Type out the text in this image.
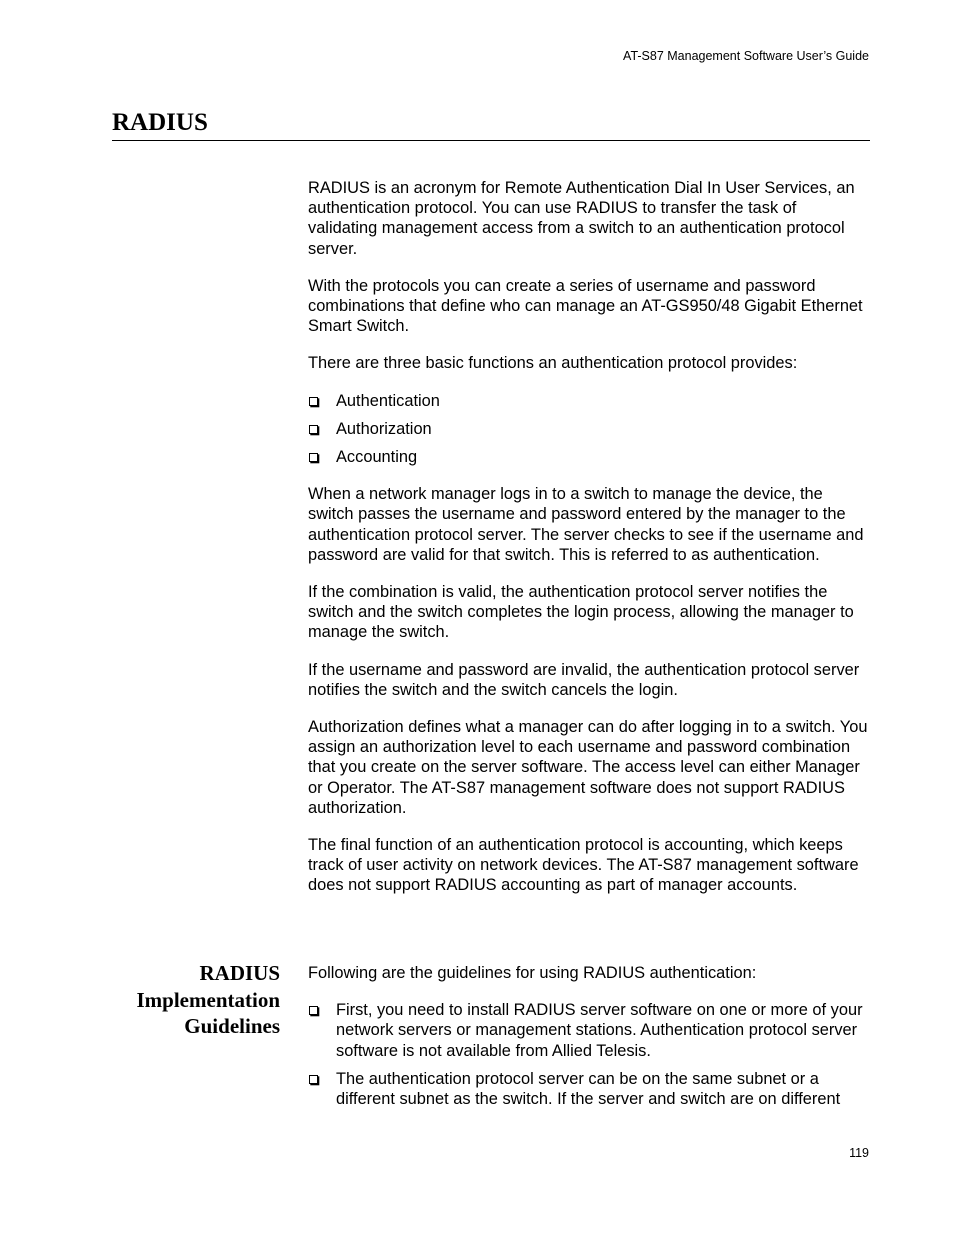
AT-S87 Management Software User’s Guide
RADIUS

RADIUS is an acronym for Remote Authentication Dial In User Services, an authentication protocol. You can use RADIUS to transfer the task of validating management access from a switch to an authentication protocol server.

With the protocols you can create a series of username and password combinations that define who can manage an AT-GS950/48 Gigabit Ethernet Smart Switch.

There are three basic functions an authentication protocol provides:

Authentication
Authorization
Accounting

When a network manager logs in to a switch to manage the device, the switch passes the username and password entered by the manager to the authentication protocol server. The server checks to see if the username and password are valid for that switch. This is referred to as authentication.

If the combination is valid, the authentication protocol server notifies the switch and the switch completes the login process, allowing the manager to manage the switch.

If the username and password are invalid, the authentication protocol server notifies the switch and the switch cancels the login.

Authorization defines what a manager can do after logging in to a switch. You assign an authorization level to each username and password combination that you create on the server software. The access level can either Manager or Operator. The AT-S87 management software does not support RADIUS authorization.

The final function of an authentication protocol is accounting, which keeps track of user activity on network devices. The AT-S87 management software does not support RADIUS accounting as part of manager accounts.

RADIUS
Implementation
Guidelines

Following are the guidelines for using RADIUS authentication:

First, you need to install RADIUS server software on one or more of your network servers or management stations. Authentication protocol server software is not available from Allied Telesis.
The authentication protocol server can be on the same subnet or a different subnet as the switch. If the server and switch are on different
119
